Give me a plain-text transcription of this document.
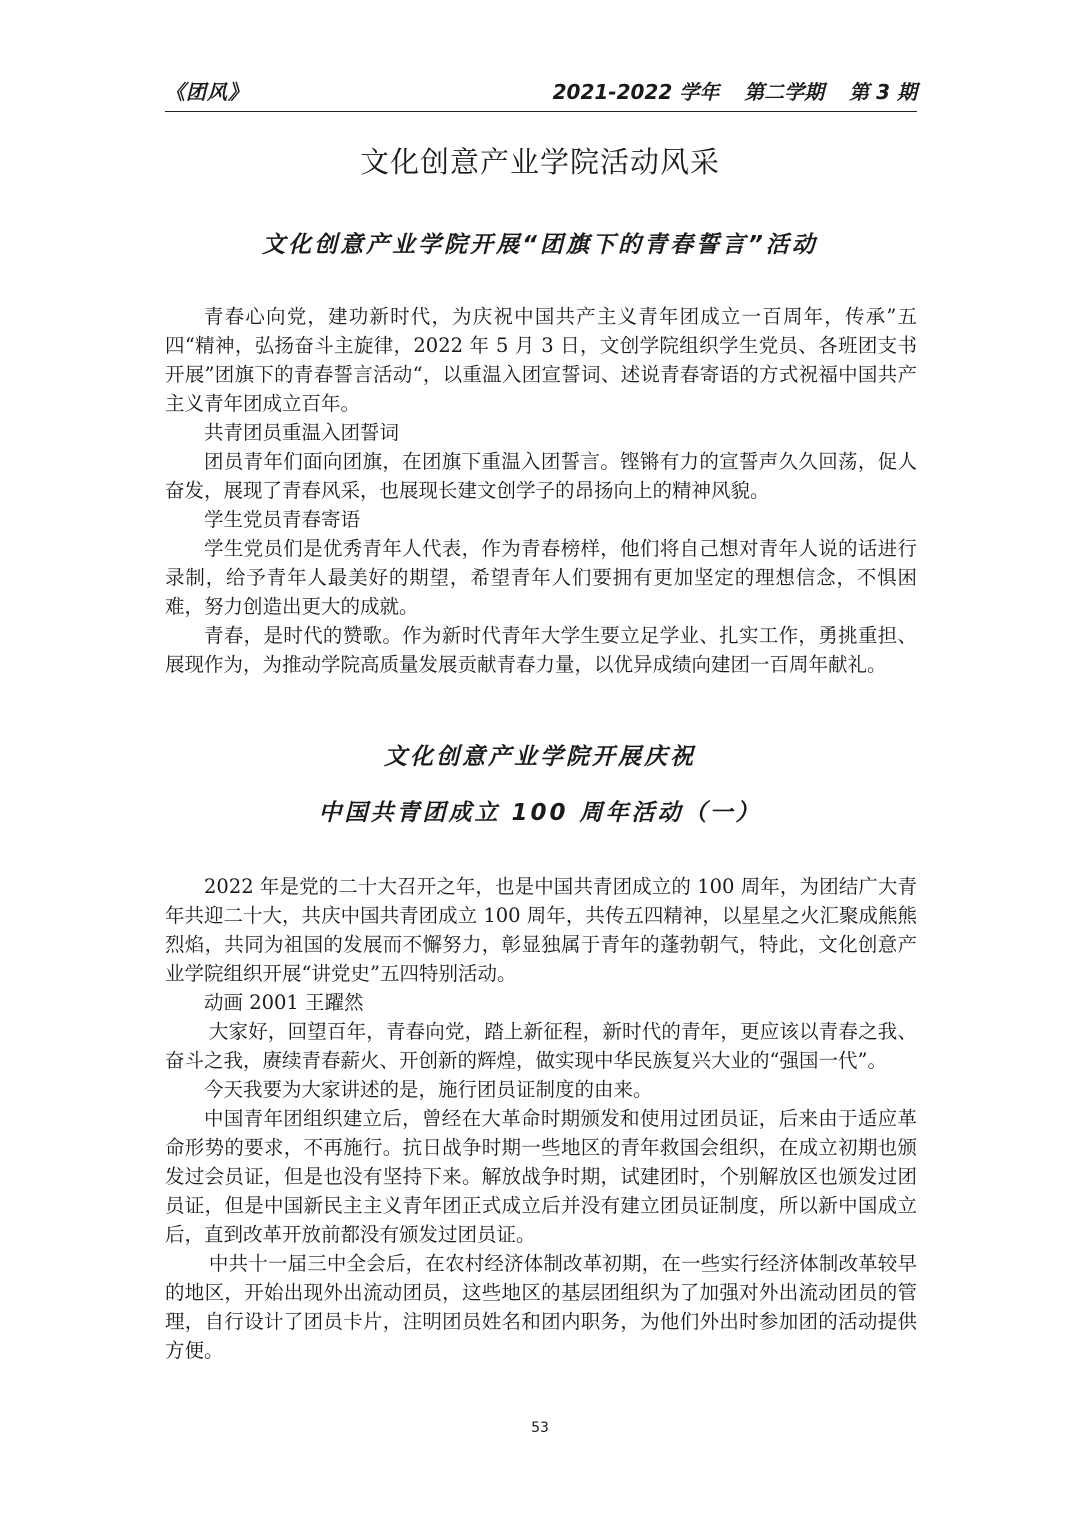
《团风》	2021-2022 学年 第二学期 第 3 期
文化创意产业学院活动风采
文化创意产业学院开展“团旗下的青春誓言”活动

青春心向党，建功新时代，为庆祝中国共产主义青年团成立一百周年，传承”五四“精神，弘扬奋斗主旋律，2022 年 5 月 3 日，文创学院组织学生党员、各班团支书开展”团旗下的青春誓言活动“，以重温入团宣誓词、述说青春寄语的方式祝福中国共产主义青年团成立百年。

共青团员重温入团誓词

团员青年们面向团旗，在团旗下重温入团誓言。铿锵有力的宣誓声久久回荡，促人奋发，展现了青春风采，也展现长建文创学子的昂扬向上的精神风貌。

学生党员青春寄语

学生党员们是优秀青年人代表，作为青春榜样，他们将自己想对青年人说的话进行录制，给予青年人最美好的期望，希望青年人们要拥有更加坚定的理想信念，不惧困难，努力创造出更大的成就。

青春，是时代的赞歌。作为新时代青年大学生要立足学业、扎实工作，勇挑重担、展现作为，为推动学院高质量发展贡献青春力量，以优异成绩向建团一百周年献礼。

文化创意产业学院开展庆祝
中国共青团成立 100 周年活动（一）

2022 年是党的二十大召开之年，也是中国共青团成立的 100 周年，为团结广大青年共迎二十大，共庆中国共青团成立 100 周年，共传五四精神，以星星之火汇聚成熊熊烈焰，共同为祖国的发展而不懈努力，彰显独属于青年的蓬勃朝气，特此，文化创意产业学院组织开展“讲党史”五四特别活动。

动画 2001 王躍然

大家好，回望百年，青春向党，踏上新征程，新时代的青年，更应该以青春之我、奋斗之我，赓续青春薪火、开创新的辉煌，做实现中华民族复兴大业的“强国一代”。

今天我要为大家讲述的是，施行团员证制度的由来。

中国青年团组织建立后，曾经在大革命时期颁发和使用过团员证，后来由于适应革命形势的要求，不再施行。抗日战争时期一些地区的青年救国会组织，在成立初期也颁发过会员证，但是也没有坚持下来。解放战争时期，试建团时，个别解放区也颁发过团员证，但是中国新民主主义青年团正式成立后并没有建立团员证制度，所以新中国成立后，直到改革开放前都没有颁发过团员证。

中共十一届三中全会后，在农村经济体制改革初期，在一些实行经济体制改革较早的地区，开始出现外出流动团员，这些地区的基层团组织为了加强对外出流动团员的管理，自行设计了团员卡片，注明团员姓名和团内职务，为他们外出时参加团的活动提供方便。

53
